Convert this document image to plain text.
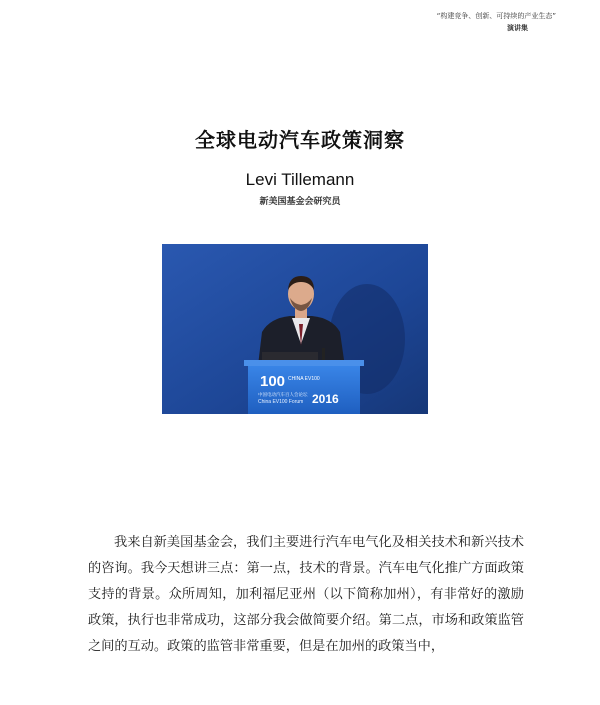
“构建竞争、创新、可持续的产业生态”
演讲集
全球电动汽车政策洞察
Levi Tillemann
新美国基金会研究员
100 CHINA EV100
中国电动汽车百人会论坛
China EV100 Forum 2016

我来自新美国基金会，我们主要进行汽车电气化及相关技术和新兴技术的咨询。我今天想讲三点：第一点，技术的背景。汽车电气化推广方面政策支持的背景。众所周知，加利福尼亚州（以下简称加州），有非常好的激励政策，执行也非常成功，这部分我会做简要介绍。第二点，市场和政策监管之间的互动。政策的监管非常重要，但是在加州的政策当中，
